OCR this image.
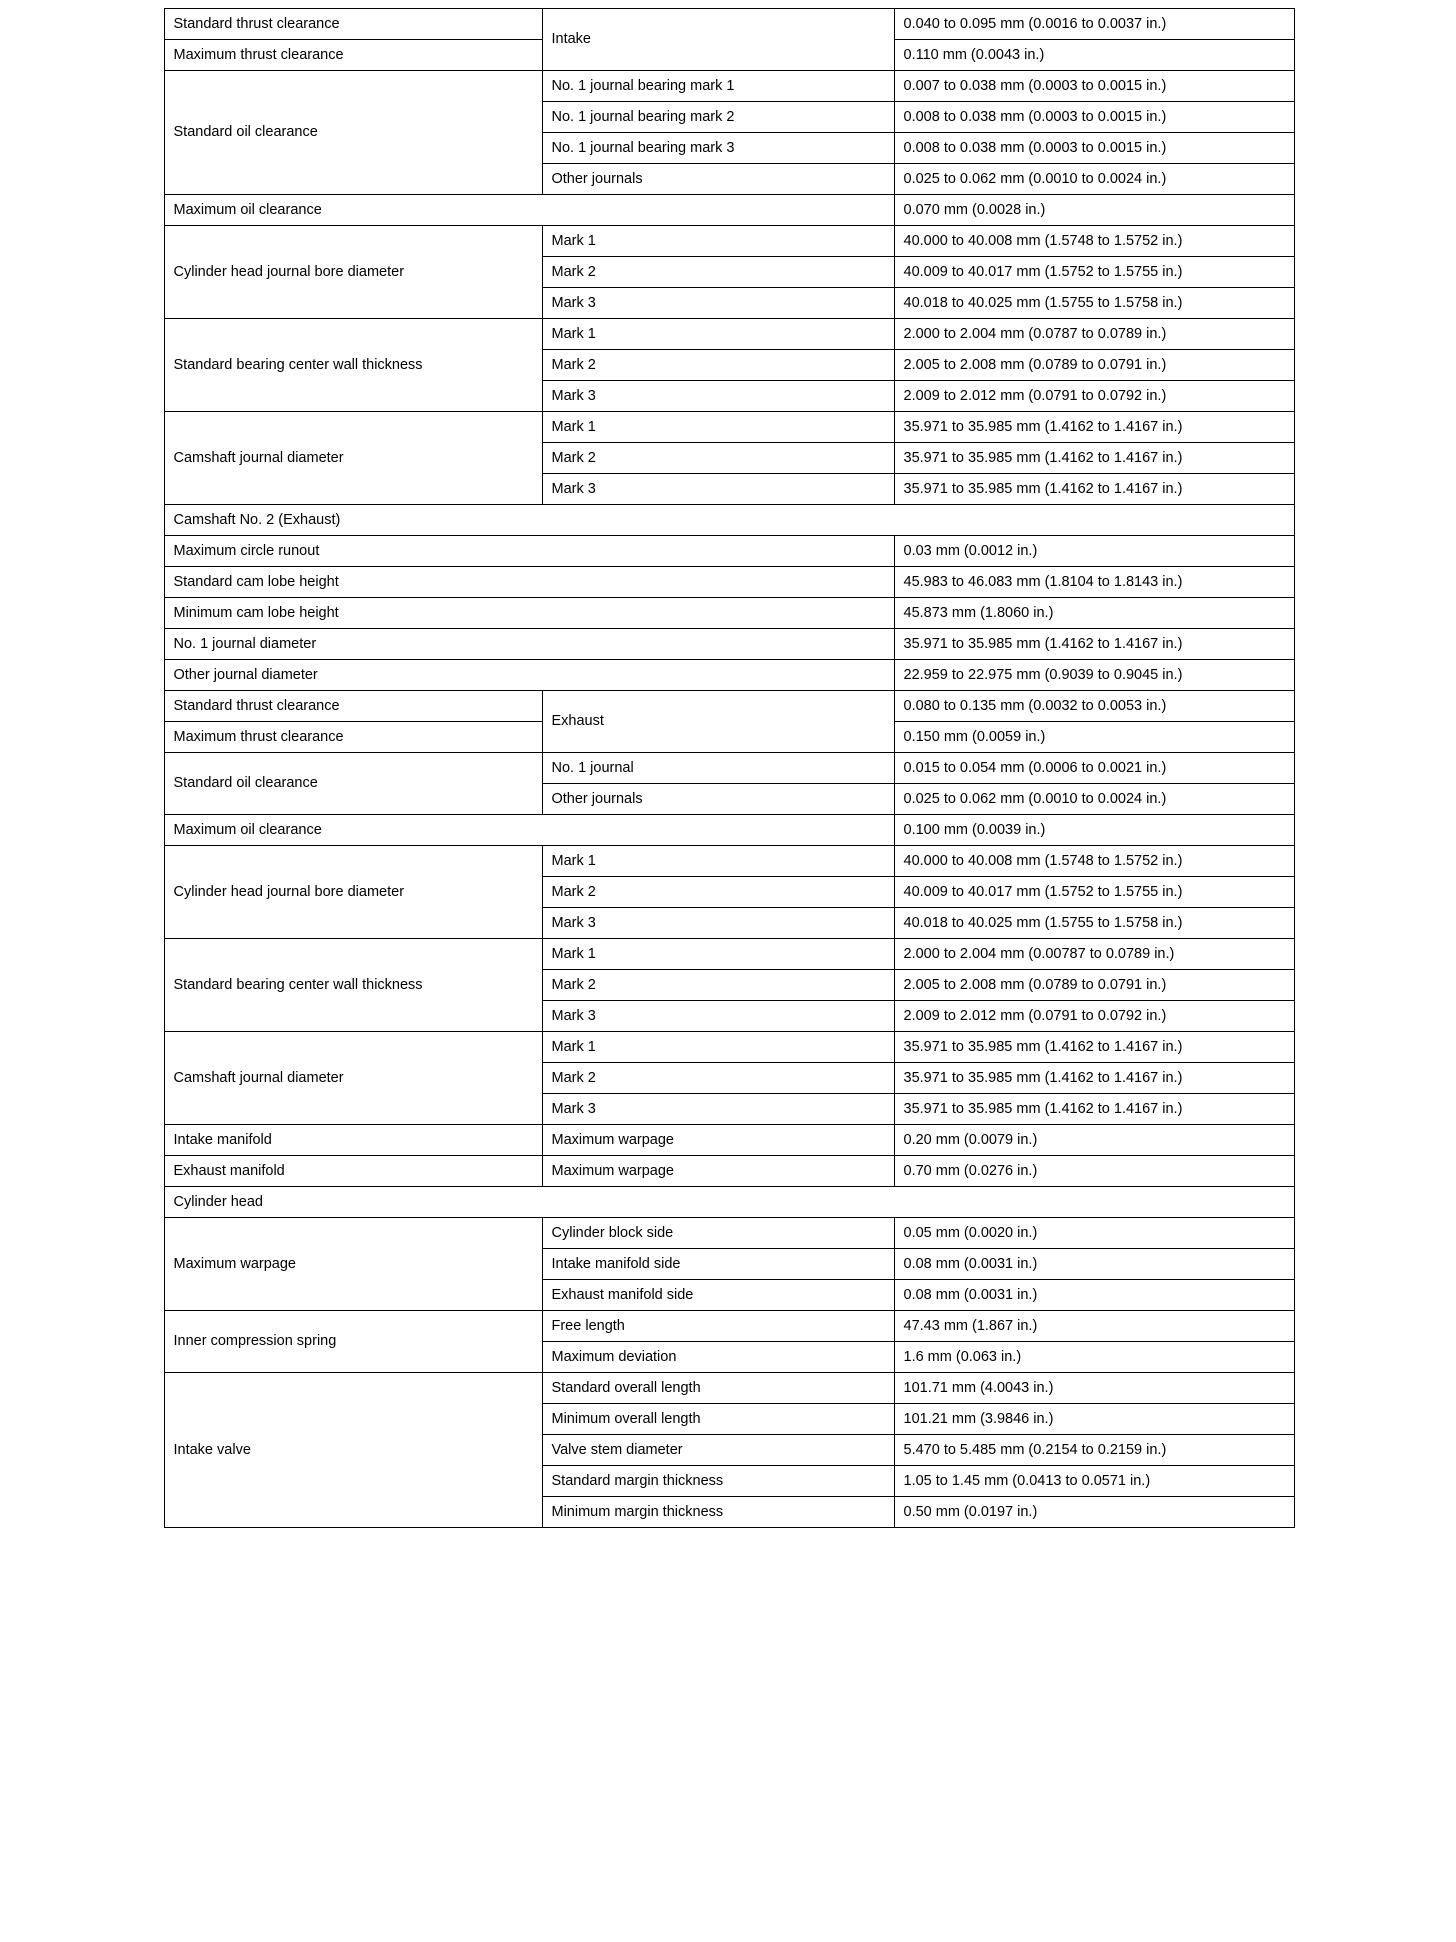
Standard thrust clearance	Intake	0.040 to 0.095 mm (0.0016 to 0.0037 in.)
Maximum thrust clearance		0.110 mm (0.0043 in.)
Standard oil clearance	No. 1 journal bearing mark 1	0.007 to 0.038 mm (0.0003 to 0.0015 in.)
	No. 1 journal bearing mark 2	0.008 to 0.038 mm (0.0003 to 0.0015 in.)
	No. 1 journal bearing mark 3	0.008 to 0.038 mm (0.0003 to 0.0015 in.)
	Other journals	0.025 to 0.062 mm (0.0010 to 0.0024 in.)
Maximum oil clearance		0.070 mm (0.0028 in.)
Cylinder head journal bore diameter	Mark 1	40.000 to 40.008 mm (1.5748 to 1.5752 in.)
	Mark 2	40.009 to 40.017 mm (1.5752 to 1.5755 in.)
	Mark 3	40.018 to 40.025 mm (1.5755 to 1.5758 in.)
Standard bearing center wall thickness	Mark 1	2.000 to 2.004 mm (0.0787 to 0.0789 in.)
	Mark 2	2.005 to 2.008 mm (0.0789 to 0.0791 in.)
	Mark 3	2.009 to 2.012 mm (0.0791 to 0.0792 in.)
Camshaft journal diameter	Mark 1	35.971 to 35.985 mm (1.4162 to 1.4167 in.)
	Mark 2	35.971 to 35.985 mm (1.4162 to 1.4167 in.)
	Mark 3	35.971 to 35.985 mm (1.4162 to 1.4167 in.)
Camshaft No. 2 (Exhaust)		
Maximum circle runout		0.03 mm (0.0012 in.)
Standard cam lobe height		45.983 to 46.083 mm (1.8104 to 1.8143 in.)
Minimum cam lobe height		45.873 mm (1.8060 in.)
No. 1 journal diameter		35.971 to 35.985 mm (1.4162 to 1.4167 in.)
Other journal diameter		22.959 to 22.975 mm (0.9039 to 0.9045 in.)
Standard thrust clearance	Exhaust	0.080 to 0.135 mm (0.0032 to 0.0053 in.)
Maximum thrust clearance		0.150 mm (0.0059 in.)
Standard oil clearance	No. 1 journal	0.015 to 0.054 mm (0.0006 to 0.0021 in.)
	Other journals	0.025 to 0.062 mm (0.0010 to 0.0024 in.)
Maximum oil clearance		0.100 mm (0.0039 in.)
Cylinder head journal bore diameter	Mark 1	40.000 to 40.008 mm (1.5748 to 1.5752 in.)
	Mark 2	40.009 to 40.017 mm (1.5752 to 1.5755 in.)
	Mark 3	40.018 to 40.025 mm (1.5755 to 1.5758 in.)
Standard bearing center wall thickness	Mark 1	2.000 to 2.004 mm (0.00787 to 0.0789 in.)
	Mark 2	2.005 to 2.008 mm (0.0789 to 0.0791 in.)
	Mark 3	2.009 to 2.012 mm (0.0791 to 0.0792 in.)
Camshaft journal diameter	Mark 1	35.971 to 35.985 mm (1.4162 to 1.4167 in.)
	Mark 2	35.971 to 35.985 mm (1.4162 to 1.4167 in.)
	Mark 3	35.971 to 35.985 mm (1.4162 to 1.4167 in.)
Intake manifold	Maximum warpage	0.20 mm (0.0079 in.)
Exhaust manifold	Maximum warpage	0.70 mm (0.0276 in.)
Cylinder head		
Maximum warpage	Cylinder block side	0.05 mm (0.0020 in.)
	Intake manifold side	0.08 mm (0.0031 in.)
	Exhaust manifold side	0.08 mm (0.0031 in.)
Inner compression spring	Free length	47.43 mm (1.867 in.)
	Maximum deviation	1.6 mm (0.063 in.)
Intake valve	Standard overall length	101.71 mm (4.0043 in.)
	Minimum overall length	101.21 mm (3.9846 in.)
	Valve stem diameter	5.470 to 5.485 mm (0.2154 to 0.2159 in.)
	Standard margin thickness	1.05 to 1.45 mm (0.0413 to 0.0571 in.)
	Minimum margin thickness	0.50 mm (0.0197 in.)
